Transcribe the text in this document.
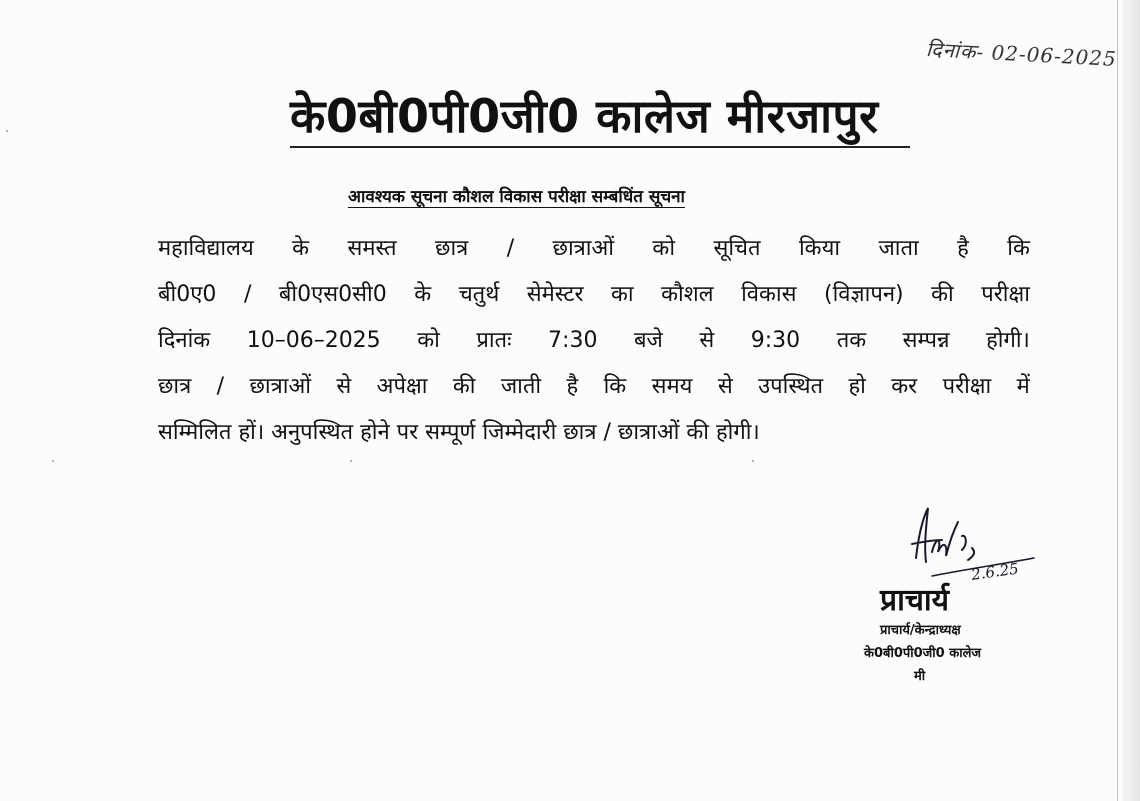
दिनांक- 02-06-2025
के0बी0पी0जी0 कालेज मीरजापुर
आवश्यक सूचना कौशल विकास परीक्षा सम्बधिंत सूचना
महाविद्यालय के समस्त छात्र / छात्राओं को सूचित किया जाता है कि
बी0ए0 / बी0एस0सी0 के चतुर्थ सेमेस्टर का कौशल विकास (विज्ञापन) की परीक्षा
दिनांक 10–06–2025 को प्रातः 7:30 बजे से 9:30 तक सम्पन्न होगी।
छात्र / छात्राओं से अपेक्षा की जाती है कि समय से उपस्थित हो कर परीक्षा में
सम्मिलित हों। अनुपस्थित होने पर सम्पूर्ण जिम्मेदारी छात्र / छात्राओं की होगी।
2.6.25
प्राचार्य
प्राचार्य/केन्द्राध्यक्ष
के0बी0पी0जी0 कालेज
मी
